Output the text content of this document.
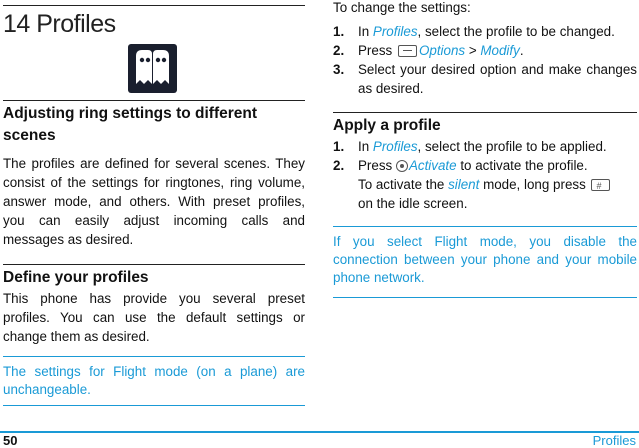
14 Profiles
Adjusting ring settings to different scenes
The profiles are defined for several scenes. They consist of the settings for ringtones, ring volume, answer mode, and others. With preset profiles, you can easily adjust incoming calls and messages as desired.
Define your profiles
This phone has provide you several preset profiles. You can use the default settings or change them as desired.
The settings for Flight mode (on a plane) are unchangeable.
To change the settings:
1. In Profiles, select the profile to be changed.
2. Press Options > Modify.
3. Select your desired option and make changes as desired.
Apply a profile
1. In Profiles, select the profile to be applied.
2. Press Activate to activate the profile.
To activate the silent mode, long press #
on the idle screen.
If you select Flight mode, you disable the connection between your phone and your mobile phone network.
50	Profiles
